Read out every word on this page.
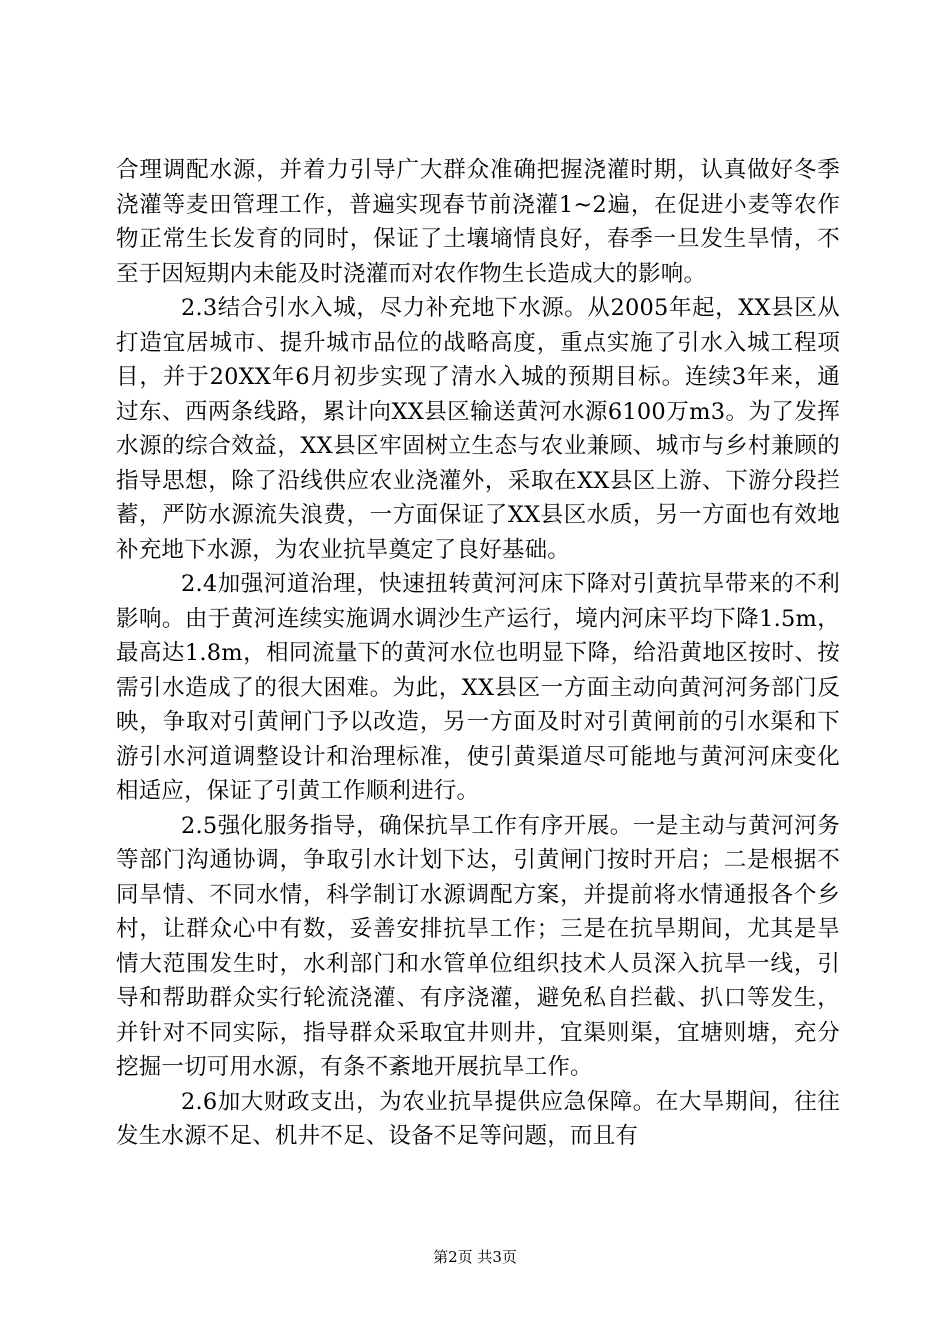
合理调配水源，并着力引导广大群众准确把握浇灌时期，认真做好冬季浇灌等麦田管理工作，普遍实现春节前浇灌1~2遍，在促进小麦等农作物正常生长发育的同时，保证了土壤墒情良好，春季一旦发生旱情，不至于因短期内未能及时浇灌而对农作物生长造成大的影响。

2.3结合引水入城，尽力补充地下水源。从2005年起，XX县区从打造宜居城市、提升城市品位的战略高度，重点实施了引水入城工程项目，并于20XX年6月初步实现了清水入城的预期目标。连续3年来，通过东、西两条线路，累计向XX县区输送黄河水源6100万m3。为了发挥水源的综合效益，XX县区牢固树立生态与农业兼顾、城市与乡村兼顾的指导思想，除了沿线供应农业浇灌外，采取在XX县区上游、下游分段拦蓄，严防水源流失浪费，一方面保证了XX县区水质，另一方面也有效地补充地下水源，为农业抗旱奠定了良好基础。

2.4加强河道治理，快速扭转黄河河床下降对引黄抗旱带来的不利影响。由于黄河连续实施调水调沙生产运行，境内河床平均下降1.5m，最高达1.8m，相同流量下的黄河水位也明显下降，给沿黄地区按时、按需引水造成了的很大困难。为此，XX县区一方面主动向黄河河务部门反映，争取对引黄闸门予以改造，另一方面及时对引黄闸前的引水渠和下游引水河道调整设计和治理标准，使引黄渠道尽可能地与黄河河床变化相适应，保证了引黄工作顺利进行。

2.5强化服务指导，确保抗旱工作有序开展。一是主动与黄河河务等部门沟通协调，争取引水计划下达，引黄闸门按时开启；二是根据不同旱情、不同水情，科学制订水源调配方案，并提前将水情通报各个乡村，让群众心中有数，妥善安排抗旱工作；三是在抗旱期间，尤其是旱情大范围发生时，水利部门和水管单位组织技术人员深入抗旱一线，引导和帮助群众实行轮流浇灌、有序浇灌，避免私自拦截、扒口等发生，并针对不同实际，指导群众采取宜井则井，宜渠则渠，宜塘则塘，充分挖掘一切可用水源，有条不紊地开展抗旱工作。

2.6加大财政支出，为农业抗旱提供应急保障。在大旱期间，往往发生水源不足、机井不足、设备不足等问题，而且有

第2页 共3页
